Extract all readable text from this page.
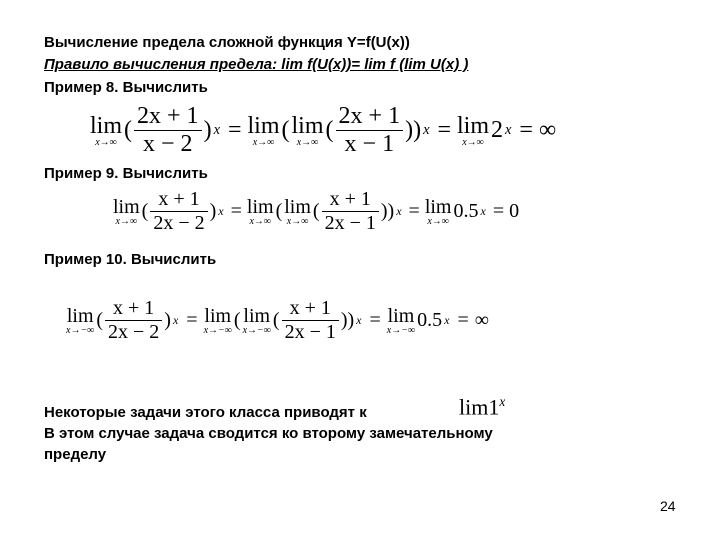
Вычисление предела сложной функция Y=f(U(x))
Правило вычисления предела: lim f(U(x))= lim f (lim U(x) )
Пример 8. Вычислить
lim
x→∞ ( $\frac{2x + 1}{x - 2}$ ) x = lim
x→∞ ( lim
x→∞ ( $\frac{2x + 1}{x - 1}$ )) x = lim
x→∞ 2 x = ∞
Пример 9. Вычислить
lim
x→∞ ( $\frac{x + 1}{2x - 2}$ ) x = lim
x→∞ ( lim
x→∞ ( $\frac{x + 1}{2x - 1}$ )) x = lim
x→∞ 0.5 x = 0
Пример 10. Вычислить
lim
x→−∞ ( $\frac{x + 1}{2x - 2}$ ) x = lim
x→−∞ ( lim
x→−∞ ( $\frac{x + 1}{2x - 1}$ )) x = lim
x→−∞ 0.5 x = ∞
Некоторые задачи этого класса приводят к	lim1$^x$
В этом случае задача сводится ко второму замечательному
пределу
24
